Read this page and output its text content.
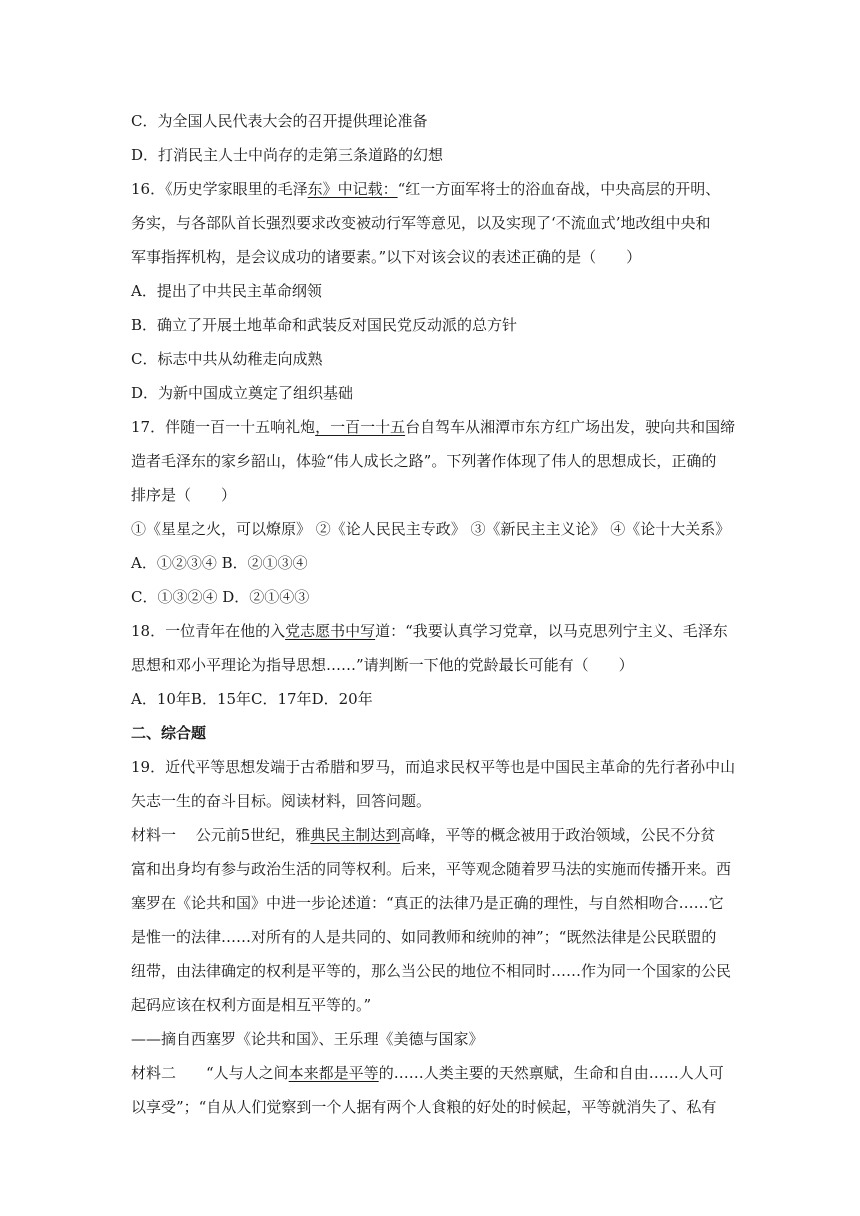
C．为全国人民代表大会的召开提供理论准备
D．打消民主人士中尚存的走第三条道路的幻想
16．《历史学家眼里的毛泽东》中记载：“红一方面军将士的浴血奋战，中央高层的开明、
务实，与各部队首长强烈要求改变被动行军等意见，以及实现了‘不流血式’地改组中央和
军事指挥机构，是会议成功的诸要素。”以下对该会议的表述正确的是（　　）
A．提出了中共民主革命纲领
B．确立了开展土地革命和武装反对国民党反动派的总方针
C．标志中共从幼稚走向成熟
D．为新中国成立奠定了组织基础
17．伴随一百一十五响礼炮，一百一十五台自驾车从湘潭市东方红广场出发，驶向共和国缔
造者毛泽东的家乡韶山，体验“伟人成长之路”。下列著作体现了伟人的思想成长，正确的
排序是（　　）
①《星星之火，可以燎原》 ②《论人民民主专政》 ③《新民主主义论》 ④《论十大关系》
A．①②③④ B．②①③④
C．①③②④ D．②①④③
18．一位青年在他的入党志愿书中写道：“我要认真学习党章，以马克思列宁主义、毛泽东
思想和邓小平理论为指导思想……”请判断一下他的党龄最长可能有（　　）
A．10年B．15年C．17年D．20年
二、综合题
19．近代平等思想发端于古希腊和罗马，而追求民权平等也是中国民主革命的先行者孙中山
矢志一生的奋斗目标。阅读材料，回答问题。
材料一　 公元前5世纪，雅典民主制达到高峰，平等的概念被用于政治领域，公民不分贫
富和出身均有参与政治生活的同等权利。后来，平等观念随着罗马法的实施而传播开来。西
塞罗在《论共和国》中进一步论述道：“真正的法律乃是正确的理性，与自然相吻合……它
是惟一的法律……对所有的人是共同的、如同教师和统帅的神”；“既然法律是公民联盟的
纽带，由法律确定的权利是平等的，那么当公民的地位不相同时……作为同一个国家的公民
起码应该在权利方面是相互平等的。”
——摘自西塞罗《论共和国》、王乐理《美德与国家》
材料二　　“人与人之间本来都是平等的……人类主要的天然禀赋，生命和自由……人人可
以享受”；“自从人们觉察到一个人据有两个人食粮的好处的时候起，平等就消失了、私有
